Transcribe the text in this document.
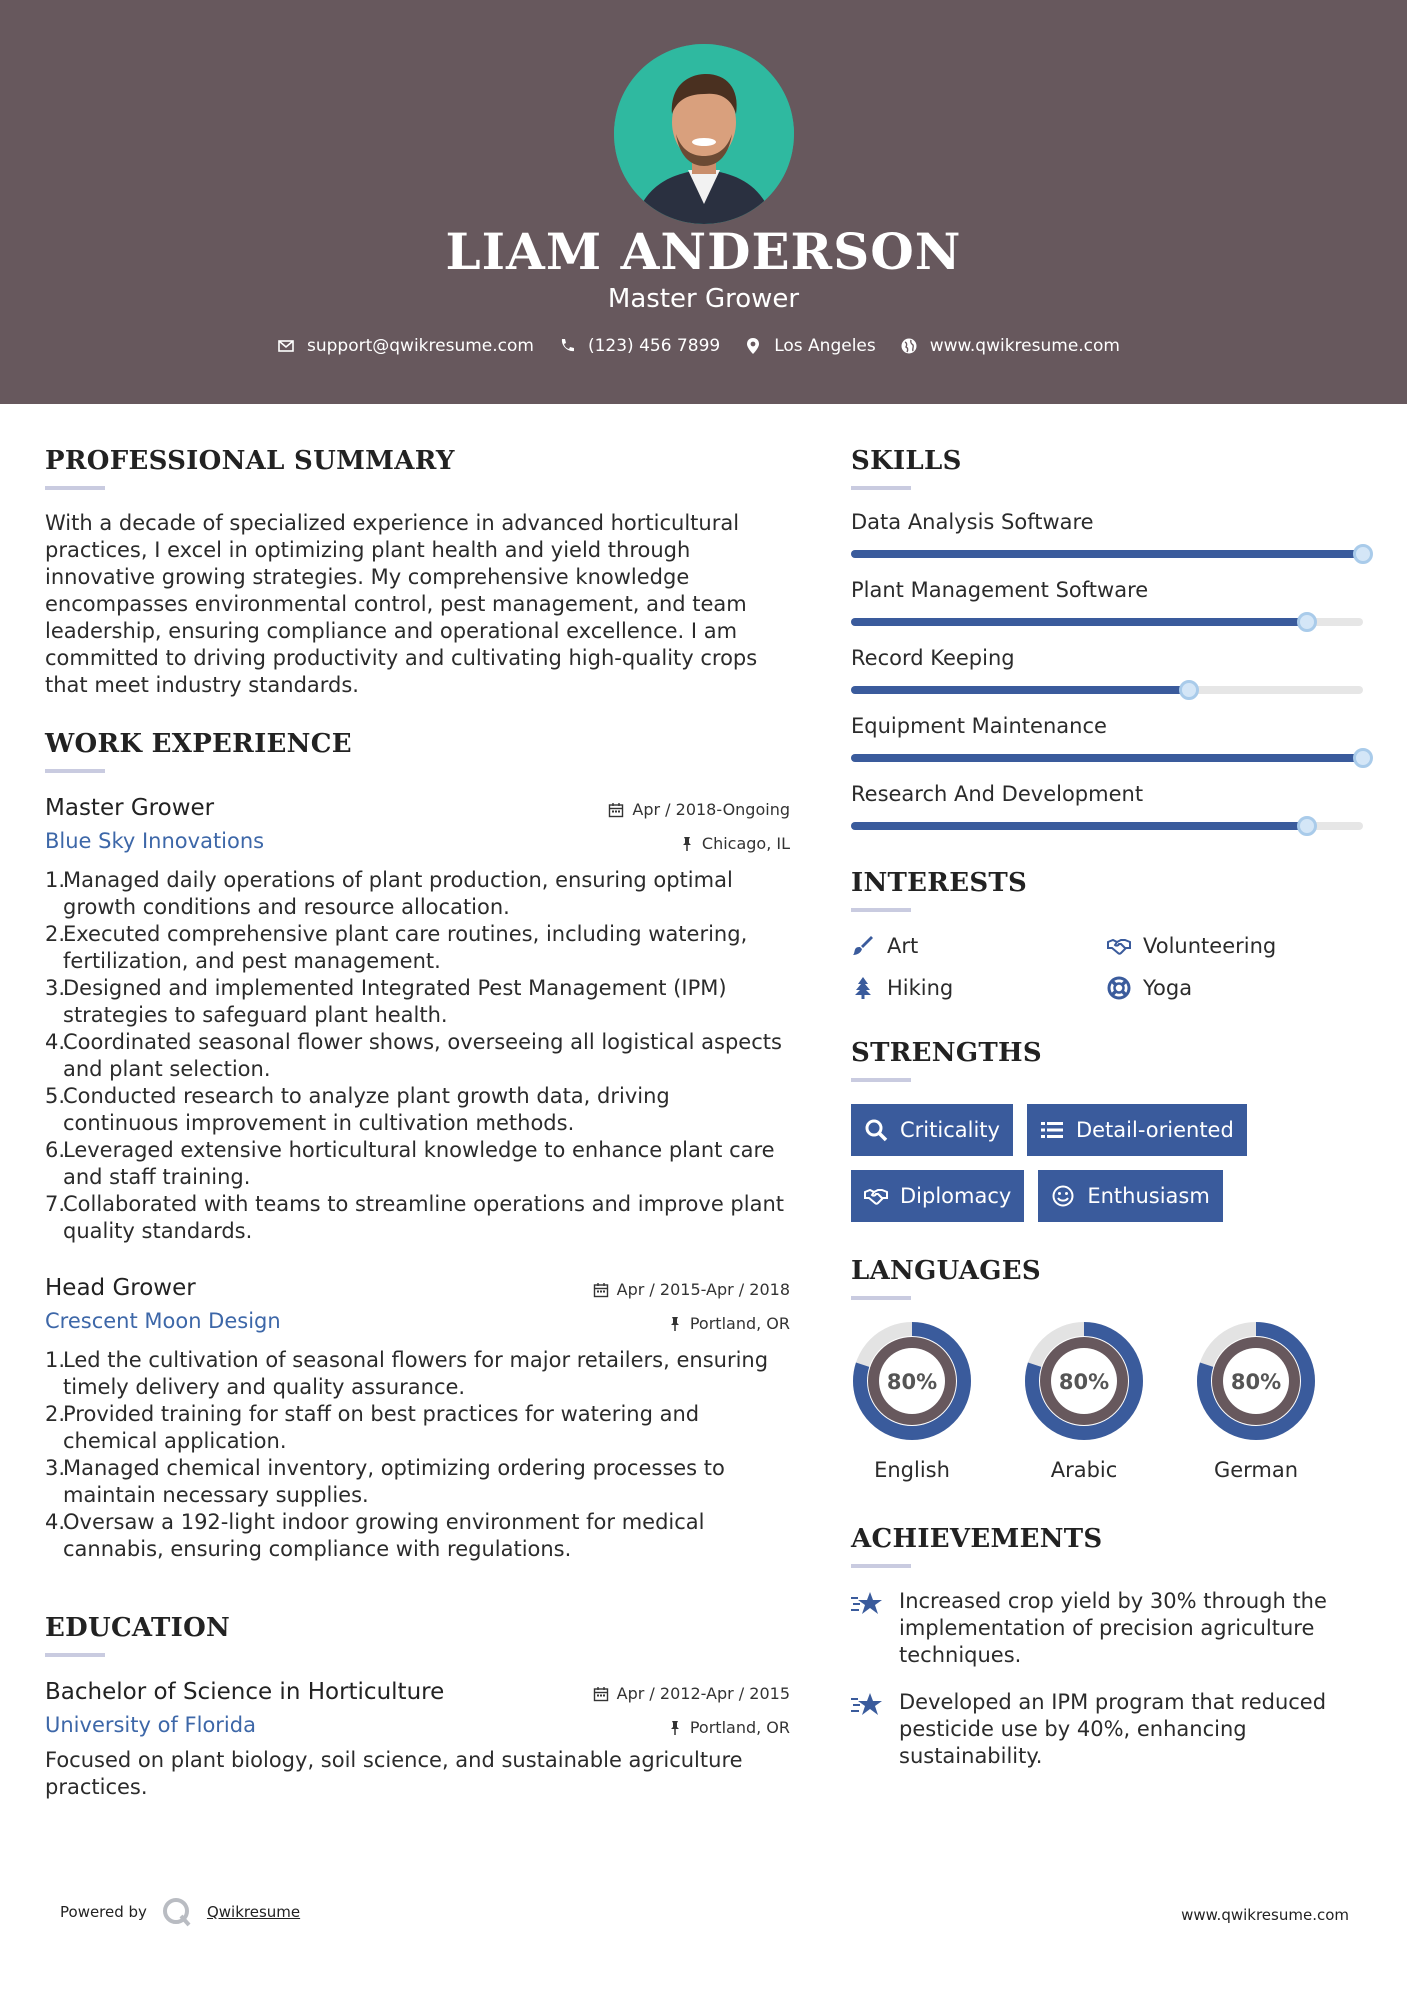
LIAM ANDERSON
Master Grower
support@qwikresume.com	(123) 456 7899	Los Angeles	www.qwikresume.com
PROFESSIONAL SUMMARY

With a decade of specialized experience in advanced horticultural practices, I excel in optimizing plant health and yield through innovative growing strategies. My comprehensive knowledge encompasses environmental control, pest management, and team leadership, ensuring compliance and operational excellence. I am committed to driving productivity and cultivating high-quality crops that meet industry standards.

WORK EXPERIENCE
Master Grower	Apr / 2018-Ongoing
Blue Sky Innovations	Chicago, IL
1.Managed daily operations of plant production, ensuring optimal growth conditions and resource allocation.
2.Executed comprehensive plant care routines, including watering, fertilization, and pest management.
3.Designed and implemented Integrated Pest Management (IPM) strategies to safeguard plant health.
4.Coordinated seasonal flower shows, overseeing all logistical aspects and plant selection.
5.Conducted research to analyze plant growth data, driving continuous improvement in cultivation methods.
6.Leveraged extensive horticultural knowledge to enhance plant care and staff training.
7.Collaborated with teams to streamline operations and improve plant quality standards.
Head Grower	Apr / 2015-Apr / 2018
Crescent Moon Design	Portland, OR
1.Led the cultivation of seasonal flowers for major retailers, ensuring timely delivery and quality assurance.
2.Provided training for staff on best practices for watering and chemical application.
3.Managed chemical inventory, optimizing ordering processes to maintain necessary supplies.
4.Oversaw a 192-light indoor growing environment for medical cannabis, ensuring compliance with regulations.
EDUCATION
Bachelor of Science in Horticulture	Apr / 2012-Apr / 2015
University of Florida	Portland, OR

Focused on plant biology, soil science, and sustainable agriculture practices.

SKILLS
Data Analysis Software
Plant Management Software
Record Keeping
Equipment Maintenance
Research And Development
INTERESTS
Art	Volunteering
Hiking	Yoga
STRENGTHS
Criticality	Detail-oriented
Diplomacy	Enthusiasm
LANGUAGES
80%
English
80%
Arabic
80%
German
ACHIEVEMENTS
Increased crop yield by 30% through the implementation of precision agriculture techniques.
Developed an IPM program that reduced pesticide use by 40%, enhancing sustainability.
Powered by	Qwikresume	www.qwikresume.com
